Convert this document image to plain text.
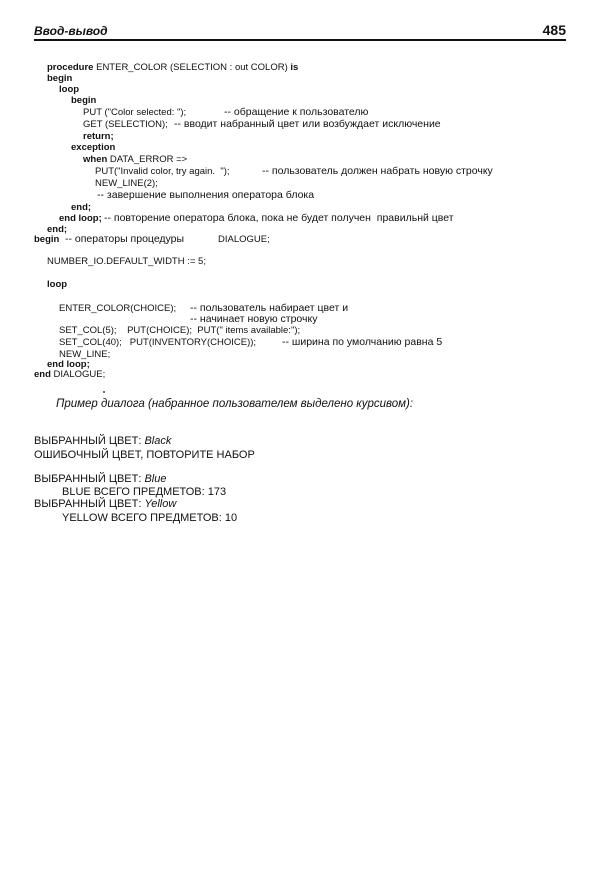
Ввод-вывод	485
procedure ENTER_COLOR (SELECTION : out COLOR) is
begin
loop
begin
PUT ("Color selected: ");	-- обращение к пользователю
GET (SELECTION); -- вводит набранный цвет или возбуждает исключение
return;
exception
when DATA_ERROR =>
PUT("Invalid color, try again.  ");	-- пользователь должен набрать новую строчку
NEW_LINE(2);
-- завершение выполнения оператора блока
end;
end loop; -- повторение оператора блока, пока не будет получен  правильнй цвет
end;
begin -- операторы процедуры	DIALOGUE;
NUMBER_IO.DEFAULT_WIDTH := 5;
loop
ENTER_COLOR(CHOICE); -- пользователь набирает цвет и
-- начинает новую строчку
SET_COL(5);    PUT(CHOICE);  PUT(" items available:");
SET_COL(40);   PUT(INVENTORY(CHOICE)); -- ширина по умолчанию равна 5
NEW_LINE;
end loop;
end DIALOGUE;
Пример диалога (набранное пользователем выделено курсивом):
ВЫБРАННЫЙ ЦВЕТ: Black
ОШИБОЧНЫЙ ЦВЕТ, ПОВТОРИТЕ НАБОР
ВЫБРАННЫЙ ЦВЕТ: Blue
BLUE ВСЕГО ПРЕДМЕТОВ: 173
ВЫБРАННЫЙ ЦВЕТ: Yellow
YELLOW ВСЕГО ПРЕДМЕТОВ: 10
